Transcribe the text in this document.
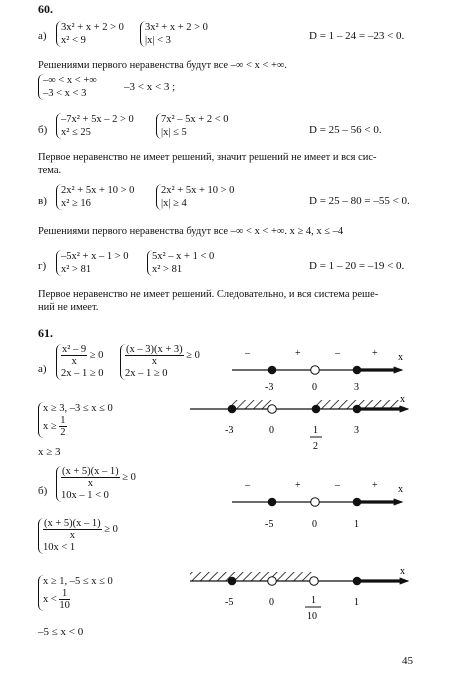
60.
а)
3x² + x + 2 > 0
x² < 9
3x² + x + 2 > 0
|x| < 3	D = 1 – 24 = –23 < 0.
Решениями первого неравенства будут все –∞ < x < +∞.
–∞ < x < +∞
–3 < x < 3
–3 < x < 3 ;
б)
–7x² + 5x – 2 > 0
x² ≤ 25
7x² – 5x + 2 < 0
|x| ≤ 5	D = 25 – 56 < 0.
Первое неравенство не имеет решений, значит решений не имеет и вся сис-
тема.
в)
2x² + 5x + 10 > 0
x² ≥ 16
2x² + 5x + 10 > 0
|x| ≥ 4	D = 25 – 80 = –55 < 0.
Решениями первого неравенства будут все –∞ < x < +∞. x ≥ 4, x ≤ –4
г)
–5x² + x – 1 > 0
x² > 81
5x² – x + 1 < 0
x² > 81	D = 1 – 20 = –19 < 0.
Первое неравенство не имеет решений. Следовательно, и вся система реше-
ний не имеет.
61.
а)
$\frac{\text{x² – 9}}{x} \ge 0$
2x – 1 ≥ 0
$\frac{(x - 3)(x + 3)}{x} \ge 0$
2x – 1 ≥ 0
x ≥ 3, –3 ≤ x ≤ 0
$x \ge \frac{1}{2}$
x ≥ 3
б)
$\frac{(x + 5)(x - 1)}{x} \ge 0$
10x – 1 < 0
$\frac{(x + 5)(x - 1)}{x} \ge 0$
10x < 1
x ≥ 1, –5 ≤ x ≤ 0
$x < \frac{1}{10}$
–5 ≤ x < 0
–	+	–	+ x
-3	0	3
x
-3	0	1
2
3
–	+	–	+ x
-5	0	1
x
-5	0	1
10
1
45
